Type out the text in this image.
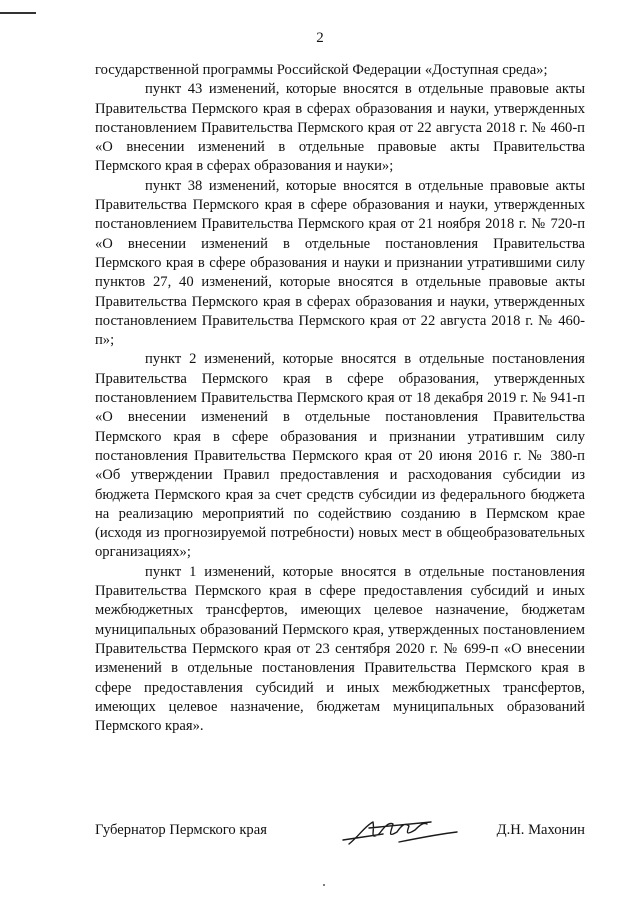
2

государственной программы Российской Федерации «Доступная среда»;

пункт 43 изменений, которые вносятся в отдельные правовые акты Правительства Пермского края в сферах образования и науки, утвержденных постановлением Правительства Пермского края от 22 августа 2018 г. № 460-п «О внесении изменений в отдельные правовые акты Правительства Пермского края в сферах образования и науки»;

пункт 38 изменений, которые вносятся в отдельные правовые акты Правительства Пермского края в сфере образования и науки, утвержденных постановлением Правительства Пермского края от 21 ноября 2018 г. № 720-п «О внесении изменений в отдельные постановления Правительства Пермского края в сфере образования и науки и признании утратившими силу пунктов 27, 40 изменений, которые вносятся в отдельные правовые акты Правительства Пермского края в сферах образования и науки, утвержденных постановлением Правительства Пермского края от 22 августа 2018 г. № 460-п»;

пункт 2 изменений, которые вносятся в отдельные постановления Правительства Пермского края в сфере образования, утвержденных постановлением Правительства Пермского края от 18 декабря 2019 г. № 941-п «О внесении изменений в отдельные постановления Правительства Пермского края в сфере образования и признании утратившим силу постановления Правительства Пермского края от 20 июня 2016 г. № 380-п «Об утверждении Правил предоставления и расходования субсидии из бюджета Пермского края за счет средств субсидии из федерального бюджета на реализацию мероприятий по содействию созданию в Пермском крае (исходя из прогнозируемой потребности) новых мест в общеобразовательных организациях»;

пункт 1 изменений, которые вносятся в отдельные постановления Правительства Пермского края в сфере предоставления субсидий и иных межбюджетных трансфертов, имеющих целевое назначение, бюджетам муниципальных образований Пермского края, утвержденных постановлением Правительства Пермского края от 23 сентября 2020 г. № 699-п «О внесении изменений в отдельные постановления Правительства Пермского края в сфере предоставления субсидий и иных межбюджетных трансфертов, имеющих целевое назначение, бюджетам муниципальных образований Пермского края».

Губернатор Пермского края	Д.Н. Махонин
